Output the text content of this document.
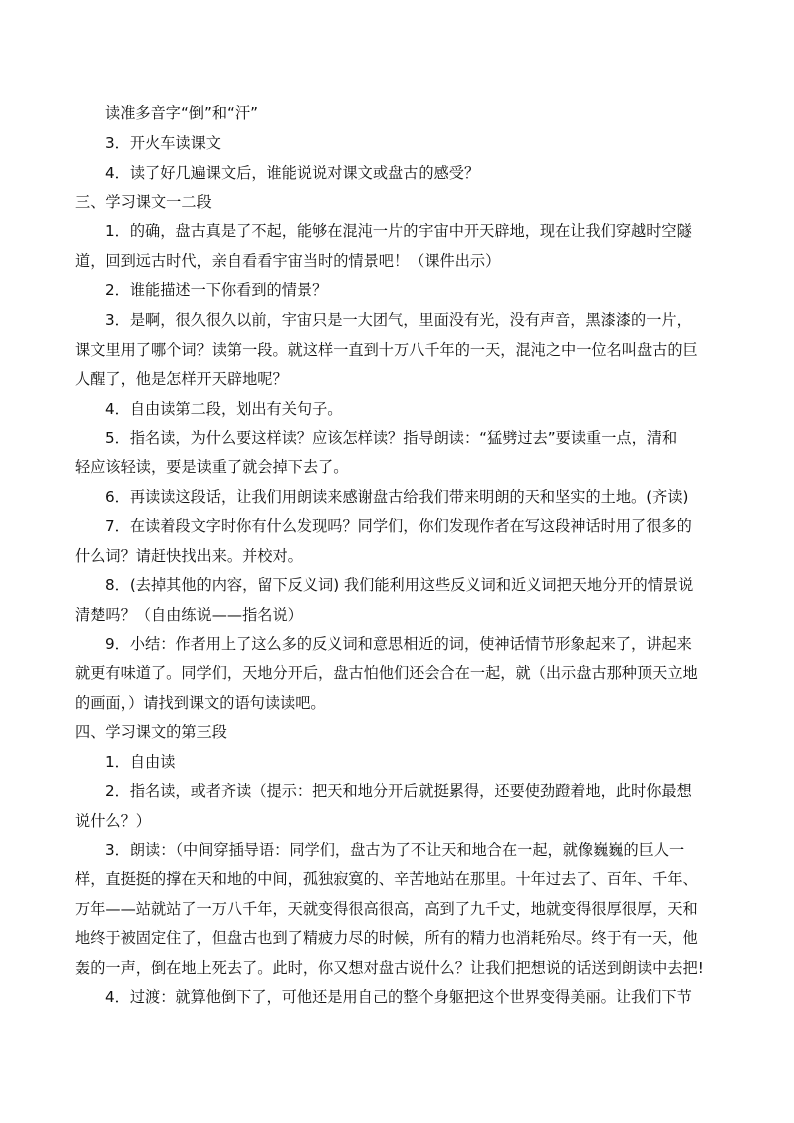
读准多音字“倒”和“汗”

3．开火车读课文

4．读了好几遍课文后，谁能说说对课文或盘古的感受？

三、学习课文一二段

1．的确，盘古真是了不起，能够在混沌一片的宇宙中开天辟地，现在让我们穿越时空隧

道，回到远古时代，亲自看看宇宙当时的情景吧！（课件出示）

2．谁能描述一下你看到的情景？

3．是啊，很久很久以前，宇宙只是一大团气，里面没有光，没有声音，黑漆漆的一片，

课文里用了哪个词？读第一段。就这样一直到十万八千年的一天，混沌之中一位名叫盘古的巨

人醒了，他是怎样开天辟地呢？

4．自由读第二段，划出有关句子。

5．指名读，为什么要这样读？应该怎样读？指导朗读：“猛劈过去”要读重一点，清和

轻应该轻读，要是读重了就会掉下去了。

6．再读读这段话，让我们用朗读来感谢盘古给我们带来明朗的天和坚实的土地。(齐读)

7．在读着段文字时你有什么发现吗？同学们，你们发现作者在写这段神话时用了很多的

什么词？请赶快找出来。并校对。

8．(去掉其他的内容，留下反义词) 我们能利用这些反义词和近义词把天地分开的情景说

清楚吗？（自由练说——指名说）

9．小结：作者用上了这么多的反义词和意思相近的词，使神话情节形象起来了，讲起来

就更有味道了。同学们，天地分开后，盘古怕他们还会合在一起，就（出示盘古那种顶天立地

的画面，）请找到课文的语句读读吧。

四、学习课文的第三段

1．自由读

2．指名读，或者齐读（提示：把天和地分开后就挺累得，还要使劲蹬着地，此时你最想

说什么？）

3．朗读：（中间穿插导语：同学们，盘古为了不让天和地合在一起，就像巍巍的巨人一

样，直挺挺的撑在天和地的中间，孤独寂寞的、辛苦地站在那里。十年过去了、百年、千年、

万年——站就站了一万八千年，天就变得很高很高，高到了九千丈，地就变得很厚很厚，天和

地终于被固定住了，但盘古也到了精疲力尽的时候，所有的精力也消耗殆尽。终于有一天，他

轰的一声，倒在地上死去了。此时，你又想对盘古说什么？让我们把想说的话送到朗读中去把!

4．过渡：就算他倒下了，可他还是用自己的整个身躯把这个世界变得美丽。让我们下节
